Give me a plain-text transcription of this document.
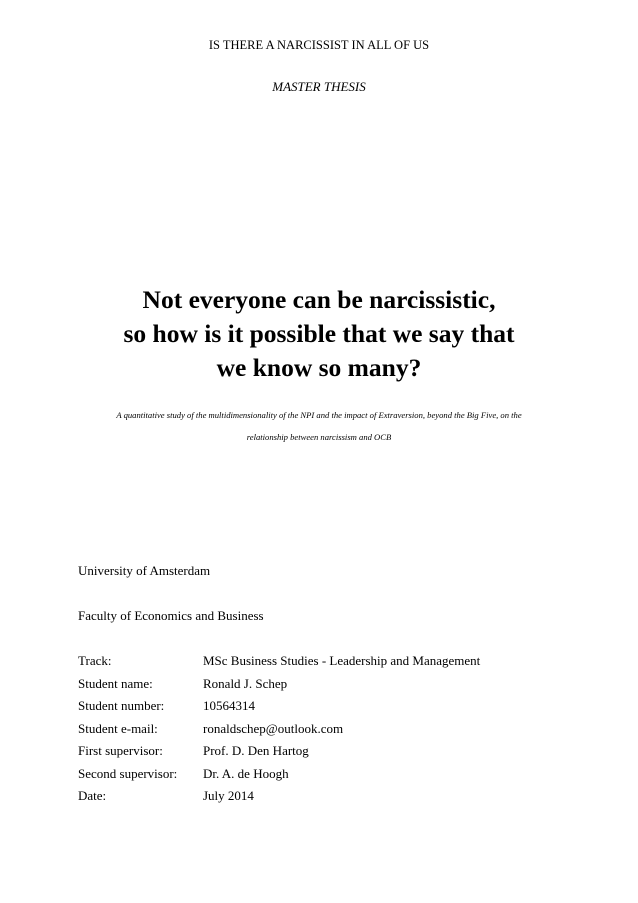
IS THERE A NARCISSIST IN ALL OF US
MASTER THESIS
Not everyone can be narcissistic,
so how is it possible that we say that
we know so many?
A quantitative study of the multidimensionality of the NPI and the impact of Extraversion, beyond the Big Five, on the
relationship between narcissism and OCB
University of Amsterdam
Faculty of Economics and Business
Track:	MSc Business Studies - Leadership and Management
Student name:	Ronald J. Schep
Student number:	10564314
Student e-mail:	ronaldschep@outlook.com
First supervisor:	Prof. D. Den Hartog
Second supervisor:	Dr. A. de Hoogh
Date:	July 2014
